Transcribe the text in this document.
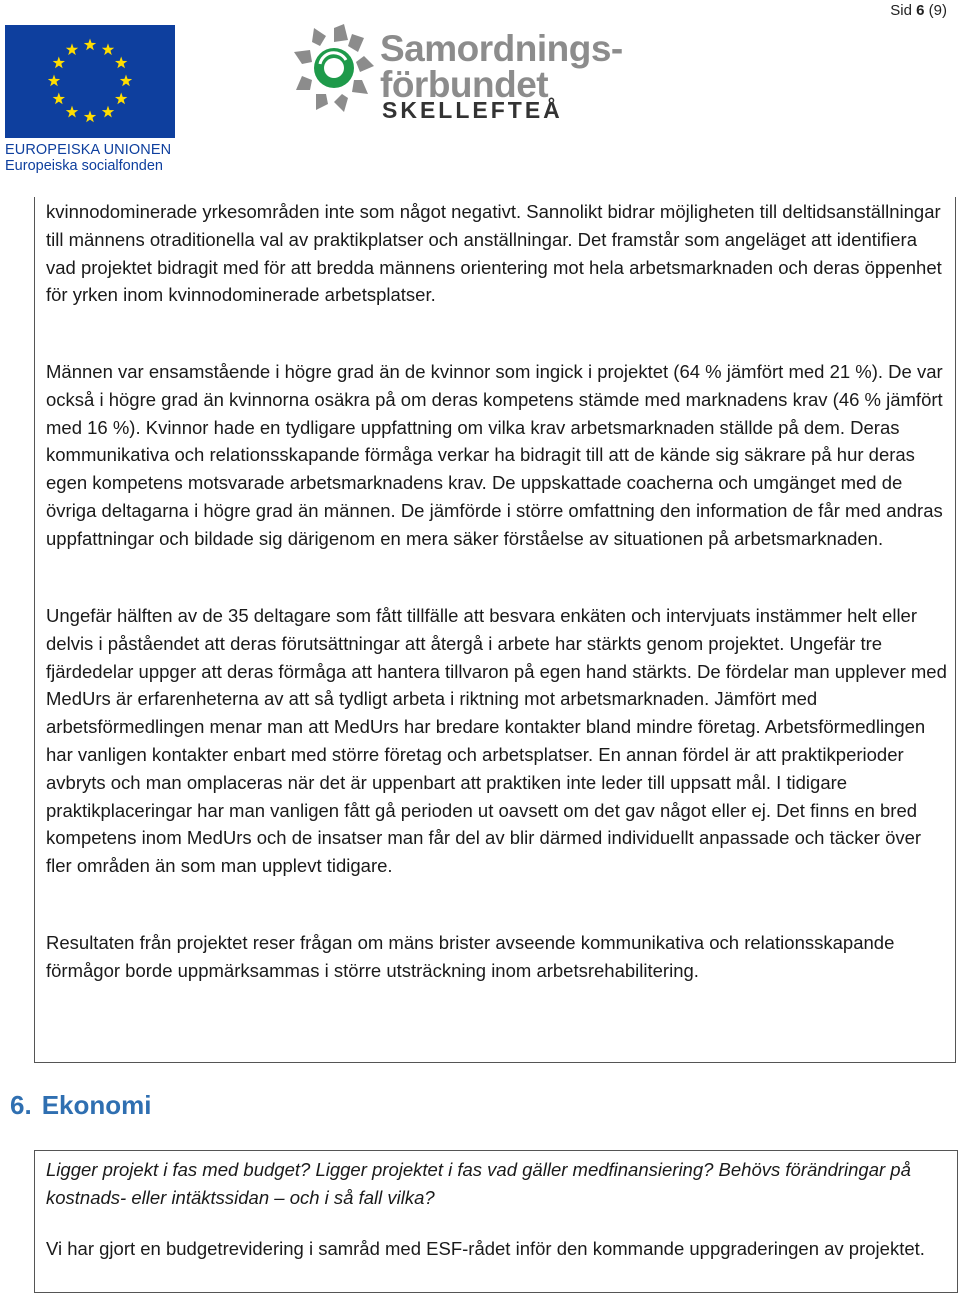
Sid 6 (9)
EUROPEISKA UNIONEN
Europeiska socialfonden
Samordnings-
förbundet
SKELLEFTEÅ

kvinnodominerade yrkesområden inte som något negativt. Sannolikt bidrar möjligheten till deltidsanställningar till männens otraditionella val av praktikplatser och anställningar. Det framstår som angeläget att identifiera vad projektet bidragit med för att bredda männens orientering mot hela arbetsmarknaden och deras öppenhet för yrken inom kvinnodominerade arbetsplatser.

Männen var ensamstående i högre grad än de kvinnor som ingick i projektet (64 % jämfört med 21 %). De var också i högre grad än kvinnorna osäkra på om deras kompetens stämde med marknadens krav (46 % jämfört med 16 %). Kvinnor hade en tydligare uppfattning om vilka krav arbetsmarknaden ställde på dem. Deras kommunikativa och relationsskapande förmåga verkar ha bidragit till att de kände sig säkrare på hur deras egen kompetens motsvarade arbetsmarknadens krav. De uppskattade coacherna och umgänget med de övriga deltagarna i högre grad än männen. De jämförde i större omfattning den information de får med andras uppfattningar och bildade sig därigenom en mera säker förståelse av situationen på arbetsmarknaden.

Ungefär hälften av de 35 deltagare som fått tillfälle att besvara enkäten och intervjuats instämmer helt eller delvis i påståendet att deras förutsättningar att återgå i arbete har stärkts genom projektet. Ungefär tre fjärdedelar uppger att deras förmåga att hantera tillvaron på egen hand stärkts. De fördelar man upplever med MedUrs är erfarenheterna av att så tydligt arbeta i riktning mot arbetsmarknaden. Jämfört med arbetsförmedlingen menar man att MedUrs har bredare kontakter bland mindre företag. Arbetsförmedlingen har vanligen kontakter enbart med större företag och arbetsplatser. En annan fördel är att praktikperioder avbryts och man omplaceras när det är uppenbart att praktiken inte leder till uppsatt mål. I tidigare praktikplaceringar har man vanligen fått gå perioden ut oavsett om det gav något eller ej. Det finns en bred kompetens inom MedUrs och de insatser man får del av blir därmed individuellt anpassade och täcker över fler områden än som man upplevt tidigare.

Resultaten från projektet reser frågan om mäns brister avseende kommunikativa och relationsskapande förmågor borde uppmärksammas i större utsträckning inom arbetsrehabilitering.

6. Ekonomi

Ligger projekt i fas med budget? Ligger projektet i fas vad gäller medfinansiering? Behövs förändringar på kostnads- eller intäktssidan – och i så fall vilka?

Vi har gjort en budgetrevidering i samråd med ESF-rådet inför den kommande uppgraderingen av projektet.
